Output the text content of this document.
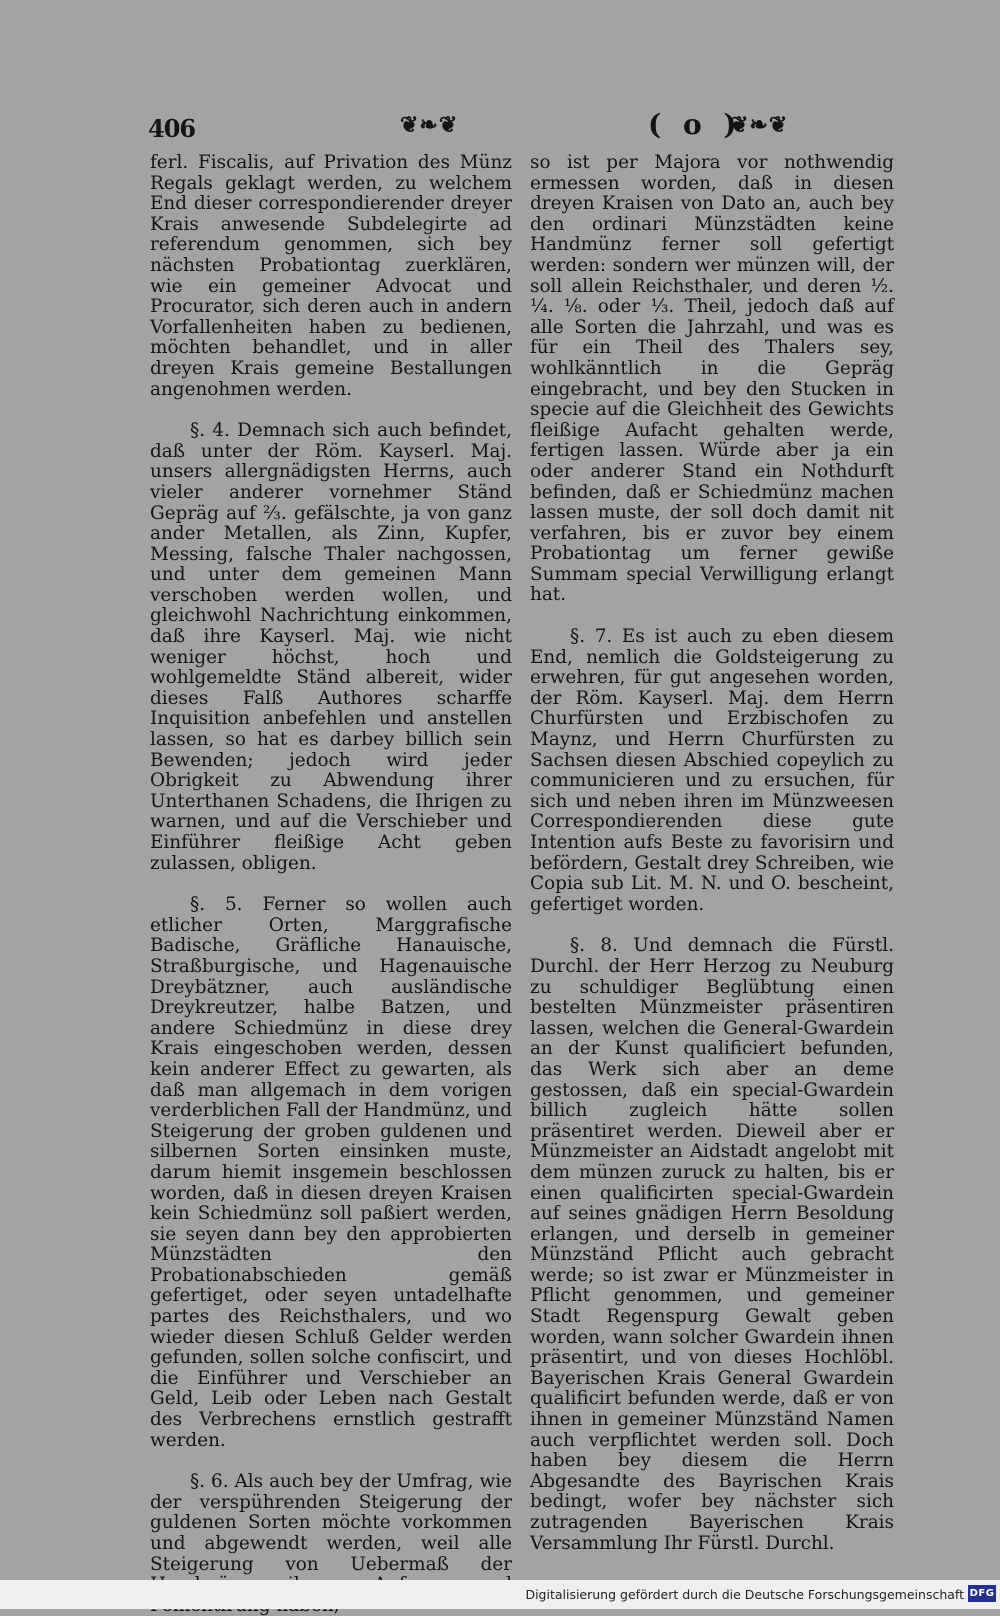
406	❦❧❦	( o )
❦❧❦

ferl. Fiscalis, auf Privation des Münz Regals geklagt werden, zu welchem End dieser correspondierender dreyer Krais anwesende Subdelegirte ad referendum genommen, sich bey nächsten Probationtag zuerklären, wie ein gemeiner Advocat und Procurator, sich deren auch in andern Vorfallenheiten haben zu bedienen, möchten behandlet, und in aller dreyen Krais gemeine Bestallungen angenohmen werden.

§. 4. Demnach sich auch befindet, daß unter der Röm. Kayserl. Maj. unsers allergnädigsten Herrns, auch vieler anderer vornehmer Ständ Gepräg auf ⅔. gefälschte, ja von ganz ander Metallen, als Zinn, Kupfer, Messing, falsche Thaler nachgossen, und unter dem gemeinen Mann verschoben werden wollen, und gleichwohl Nachrichtung einkommen, daß ihre Kayserl. Maj. wie nicht weniger höchst, hoch und wohlgemeldte Ständ albereit, wider dieses Falß Authores scharffe Inquisition anbefehlen und anstellen lassen, so hat es darbey billich sein Bewenden; jedoch wird jeder Obrigkeit zu Abwendung ihrer Unterthanen Schadens, die Ihrigen zu warnen, und auf die Verschieber und Einführer fleißige Acht geben zulassen, obligen.

§. 5. Ferner so wollen auch etlicher Orten, Marggrafische Badische, Gräfliche Hanauische, Straßburgische, und Hagenauische Dreybätzner, auch ausländische Dreykreutzer, halbe Batzen, und andere Schiedmünz in diese drey Krais eingeschoben werden, dessen kein anderer Effect zu gewarten, als daß man allgemach in dem vorigen verderblichen Fall der Handmünz, und Steigerung der groben guldenen und silbernen Sorten einsinken muste, darum hiemit insgemein beschlossen worden, daß in diesen dreyen Kraisen kein Schiedmünz soll paßiert werden, sie seyen dann bey den approbierten Münzstädten den Probationabschieden gemäß gefertiget, oder seyen untadelhafte partes des Reichsthalers, und wo wieder diesen Schluß Gelder werden gefunden, sollen solche confiscirt, und die Einführer und Verschieber an Geld, Leib oder Leben nach Gestalt des Verbrechens ernstlich gestrafft werden.

§. 6. Als auch bey der Umfrag, wie der verspührenden Steigerung der guldenen Sorten möchte vorkommen und abgewendt werden, weil alle Steigerung von Uebermaß der

so ist per Majora vor nothwendig ermessen worden, daß in diesen dreyen Kraisen von Dato an, auch bey den ordinari Münzstädten keine Handmünz ferner soll gefertigt werden: sondern wer münzen will, der soll allein Reichsthaler, und deren ½. ¼. ⅛. oder ⅓. Theil, jedoch daß auf alle Sorten die Jahrzahl, und was es für ein Theil des Thalers sey, wohlkänntlich in die Gepräg eingebracht, und bey den Stucken in specie auf die Gleichheit des Gewichts fleißige Aufacht gehalten werde, fertigen lassen. Würde aber ja ein oder anderer Stand ein Nothdurft befinden, daß er Schiedmünz machen lassen muste, der soll doch damit nit verfahren, bis er zuvor bey einem Probationtag um ferner gewiße Summam special Verwilligung erlangt hat.

§. 7. Es ist auch zu eben diesem End, nemlich die Goldsteigerung zu erwehren, für gut angesehen worden, der Röm. Kayserl. Maj. dem Herrn Churfürsten und Erzbischofen zu Maynz, und Herrn Churfürsten zu Sachsen diesen Abschied copeylich zu communicieren und zu ersuchen, für sich und neben ihren im Münzweesen Correspondierenden diese gute Intention aufs Beste zu favorisirn und befördern, Gestalt drey Schreiben, wie Copia sub Lit. M. N. und O. bescheint, gefertiget worden.

§. 8. Und demnach die Fürstl. Durchl. der Herr Herzog zu Neuburg zu schuldiger Beglübtung einen bestelten Münzmeister präsentiren lassen, welchen die General-Gwardein an der Kunst qualificiert befunden, das Werk sich aber an deme gestossen, daß ein special-Gwardein billich zugleich hätte sollen präsentiret werden. Dieweil aber er Münzmeister an Aidstadt angelobt mit dem münzen zuruck zu halten, bis er einen qualificirten special-Gwardein auf seines gnädigen Herrn Besoldung erlangen, und derselb in gemeiner Münzständ Pflicht auch gebracht werde; so ist zwar er Münzmeister in Pflicht genommen, und gemeiner Stadt Regenspurg Gewalt geben worden, wann solcher Gwardein ihnen präsentirt, und von dieses Hochlöbl. Bayerischen Krais General Gwardein qualificirt befunden werde, daß er von ihnen in gemeiner Münzständ Namen auch verpflichtet werden soll. Doch haben bey diesem die Herrn Abgesandte des Bayrischen Krais bedingt, wofer bey nächster sich zutragenden Bayerischen Krais Versammlung Ihr Fürstl. Durchl.

Digitalisierung gefördert durch die Deutsche Forschungsgemeinschaft DFG
